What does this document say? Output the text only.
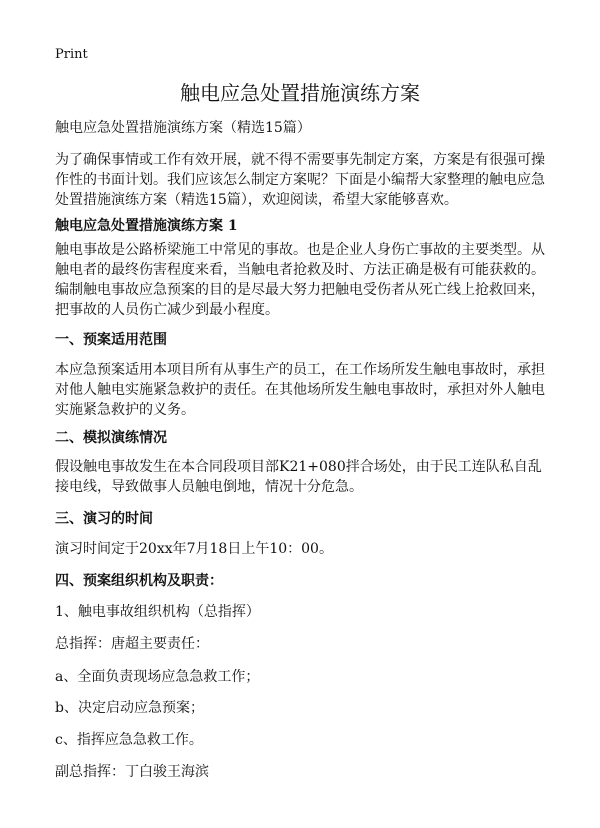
Print
触电应急处置措施演练方案
触电应急处置措施演练方案（精选15篇）
为了确保事情或工作有效开展，就不得不需要事先制定方案，方案是有很强可操作性的书面计划。我们应该怎么制定方案呢？下面是小编帮大家整理的触电应急处置措施演练方案（精选15篇），欢迎阅读，希望大家能够喜欢。
触电应急处置措施演练方案 1
触电事故是公路桥梁施工中常见的事故。也是企业人身伤亡事故的主要类型。从触电者的最终伤害程度来看，当触电者抢救及时、方法正确是极有可能获救的。编制触电事故应急预案的目的是尽最大努力把触电受伤者从死亡线上抢救回来，把事故的人员伤亡减少到最小程度。
一、预案适用范围
本应急预案适用本项目所有从事生产的员工，在工作场所发生触电事故时，承担对他人触电实施紧急救护的责任。在其他场所发生触电事故时，承担对外人触电实施紧急救护的义务。
二、模拟演练情况
假设触电事故发生在本合同段项目部K21+080拌合场处，由于民工连队私自乱接电线，导致做事人员触电倒地，情况十分危急。
三、演习的时间
演习时间定于20xx年7月18日上午10：00。
四、预案组织机构及职责：
1、触电事故组织机构（总指挥）
总指挥：唐超主要责任：
a、全面负责现场应急急救工作；
b、决定启动应急预案；
c、指挥应急急救工作。
副总指挥：丁白骏王海滨
